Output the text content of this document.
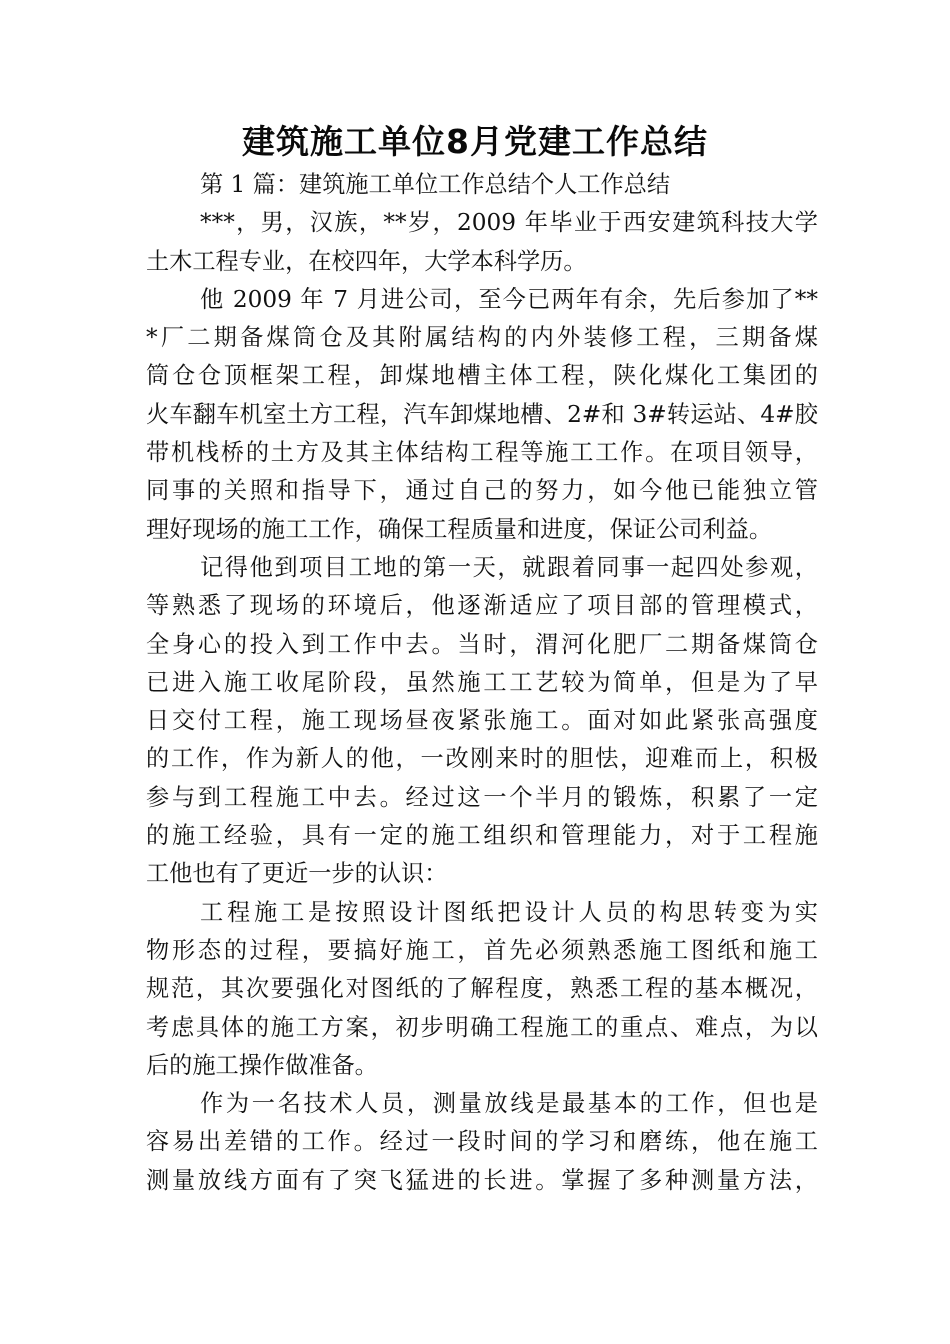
建筑施工单位8月党建工作总结
第 1 篇：建筑施工单位工作总结个人工作总结
***，男，汉族，**岁，2009 年毕业于西安建筑科技大学
土木工程专业，在校四年，大学本科学历。
他 2009 年 7 月进公司，至今已两年有余，先后参加了**
*厂二期备煤筒仓及其附属结构的内外装修工程，三期备煤
筒仓仓顶框架工程，卸煤地槽主体工程，陕化煤化工集团的
火车翻车机室土方工程，汽车卸煤地槽、2#和 3#转运站、4#胶
带机栈桥的土方及其主体结构工程等施工工作。在项目领导，
同事的关照和指导下，通过自己的努力，如今他已能独立管
理好现场的施工工作，确保工程质量和进度，保证公司利益。
记得他到项目工地的第一天，就跟着同事一起四处参观，
等熟悉了现场的环境后，他逐渐适应了项目部的管理模式，
全身心的投入到工作中去。当时，渭河化肥厂二期备煤筒仓
已进入施工收尾阶段，虽然施工工艺较为简单，但是为了早
日交付工程，施工现场昼夜紧张施工。面对如此紧张高强度
的工作，作为新人的他，一改刚来时的胆怯，迎难而上，积极
参与到工程施工中去。经过这一个半月的锻炼，积累了一定
的施工经验，具有一定的施工组织和管理能力，对于工程施
工他也有了更近一步的认识：
工程施工是按照设计图纸把设计人员的构思转变为实
物形态的过程，要搞好施工，首先必须熟悉施工图纸和施工
规范，其次要强化对图纸的了解程度，熟悉工程的基本概况，
考虑具体的施工方案，初步明确工程施工的重点、难点，为以
后的施工操作做准备。
作为一名技术人员，测量放线是最基本的工作，但也是
容易出差错的工作。经过一段时间的学习和磨练，他在施工
测量放线方面有了突飞猛进的长进。掌握了多种测量方法，
